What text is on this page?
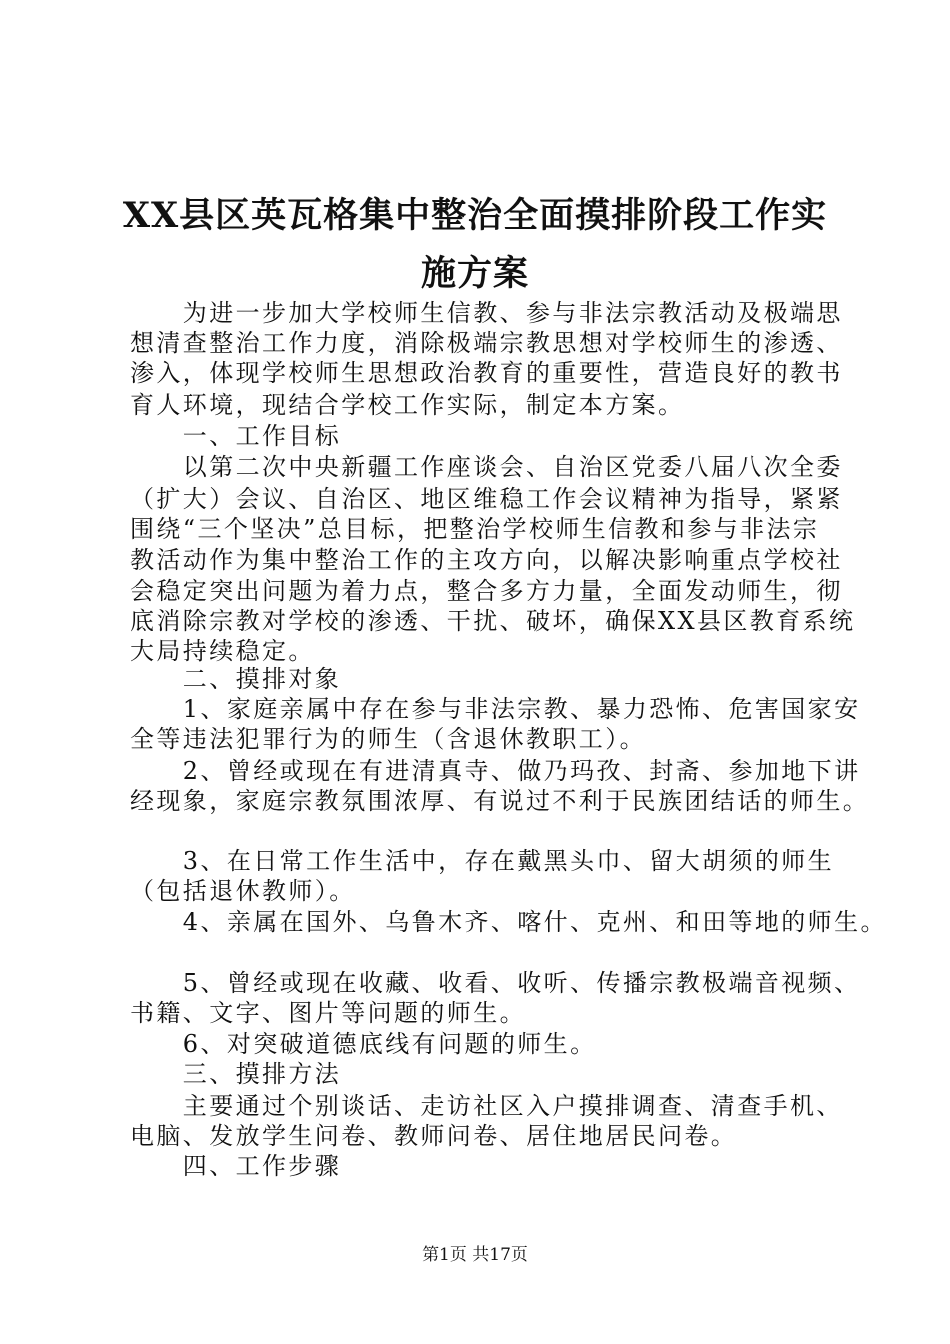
XX县区英瓦格集中整治全面摸排阶段工作实
施方案
　　为进一步加大学校师生信教、参与非法宗教活动及极端思
想清查整治工作力度，消除极端宗教思想对学校师生的渗透、
渗入，体现学校师生思想政治教育的重要性，营造良好的教书
育人环境，现结合学校工作实际，制定本方案。
　　一、工作目标
　　以第二次中央新疆工作座谈会、自治区党委八届八次全委
（扩大）会议、自治区、地区维稳工作会议精神为指导，紧紧
围绕“三个坚决”总目标，把整治学校师生信教和参与非法宗
教活动作为集中整治工作的主攻方向，以解决影响重点学校社
会稳定突出问题为着力点，整合多方力量，全面发动师生，彻
底消除宗教对学校的渗透、干扰、破坏，确保XX县区教育系统
大局持续稳定。
　　二、摸排对象
　　1、家庭亲属中存在参与非法宗教、暴力恐怖、危害国家安
全等违法犯罪行为的师生（含退休教职工）。
　　2、曾经或现在有进清真寺、做乃玛孜、封斋、参加地下讲
经现象，家庭宗教氛围浓厚、有说过不利于民族团结话的师生。
　　3、在日常工作生活中，存在戴黑头巾、留大胡须的师生
（包括退休教师）。
　　4、亲属在国外、乌鲁木齐、喀什、克州、和田等地的师生。
　　5、曾经或现在收藏、收看、收听、传播宗教极端音视频、
书籍、文字、图片等问题的师生。
　　6、对突破道德底线有问题的师生。
　　三、摸排方法
　　主要通过个别谈话、走访社区入户摸排调查、清查手机、
电脑、发放学生问卷、教师问卷、居住地居民问卷。
　　四、工作步骤
第1页 共17页
